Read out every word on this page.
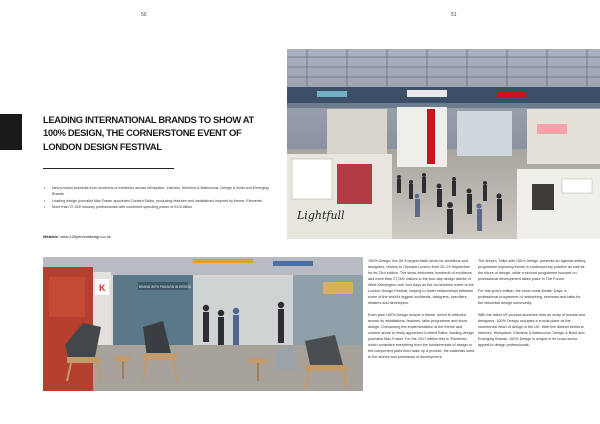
50	51
LEADING INTERNATIONAL BRANDS TO SHOW AT 100% DESIGN, THE CORNERSTONE EVENT OF LONDON DESIGN FESTIVAL
• New product launches from hundreds of exhibitors across Workplace, Interiors, Kitchens & Bathrooms, Design & Build and Emerging Brands
• Leading design journalist Max Fraser appointed Content Editor, producing features and installations inspired by theme, Elements
• More than 27,000 industry professionals with combined spending power of £3.8 billion
Website: www.100percentdesign.co.uk
Lightfull
K	BRAND WITH PASSION IN DESIGN

100% Design, the UK's largest trade show for architects and designers, returns to Olympia London from 20–23 September for its 23rd edition. The show welcomes hundreds of exhibitors and more than 27,000 visitors to the four-day design district of West Kensington over four days as the cornerstone event of the London Design Festival, helping to foster relationships between some of the world's biggest architects, designers, specifiers, retailers and developers.

Each year 100% Design adopts a theme, which is reflected across its installations, features, talks programme and show design. Overseeing the implementation of the theme and content areas is newly appointed Content Editor, leading design journalist Max Fraser. For the 2017 edition this is 'Elements', which considers everything from the fundamentals of design to the component parts that make up a product, the materials used to the stories and processes of development.

The show's 'Talks with 100% Design' presents an agenda-setting programme exploring trends in contemporary practice as well as the future of design, while a second programme focused on professional development takes place in The Forum.

For this year's edition, the show hosts Dealer Days: a professional programme of networking, seminars and talks for the influential design community.

With the latest UK product launches from an array of brands and designers, 100% Design occupies a crucial place as the commercial heart of design in the UK. With five distinct sections, Interiors, Workplace, Kitchens & Bathrooms, Design & Build and Emerging Brands, 100% Design is unique in its cross-sector appeal to design professionals.
